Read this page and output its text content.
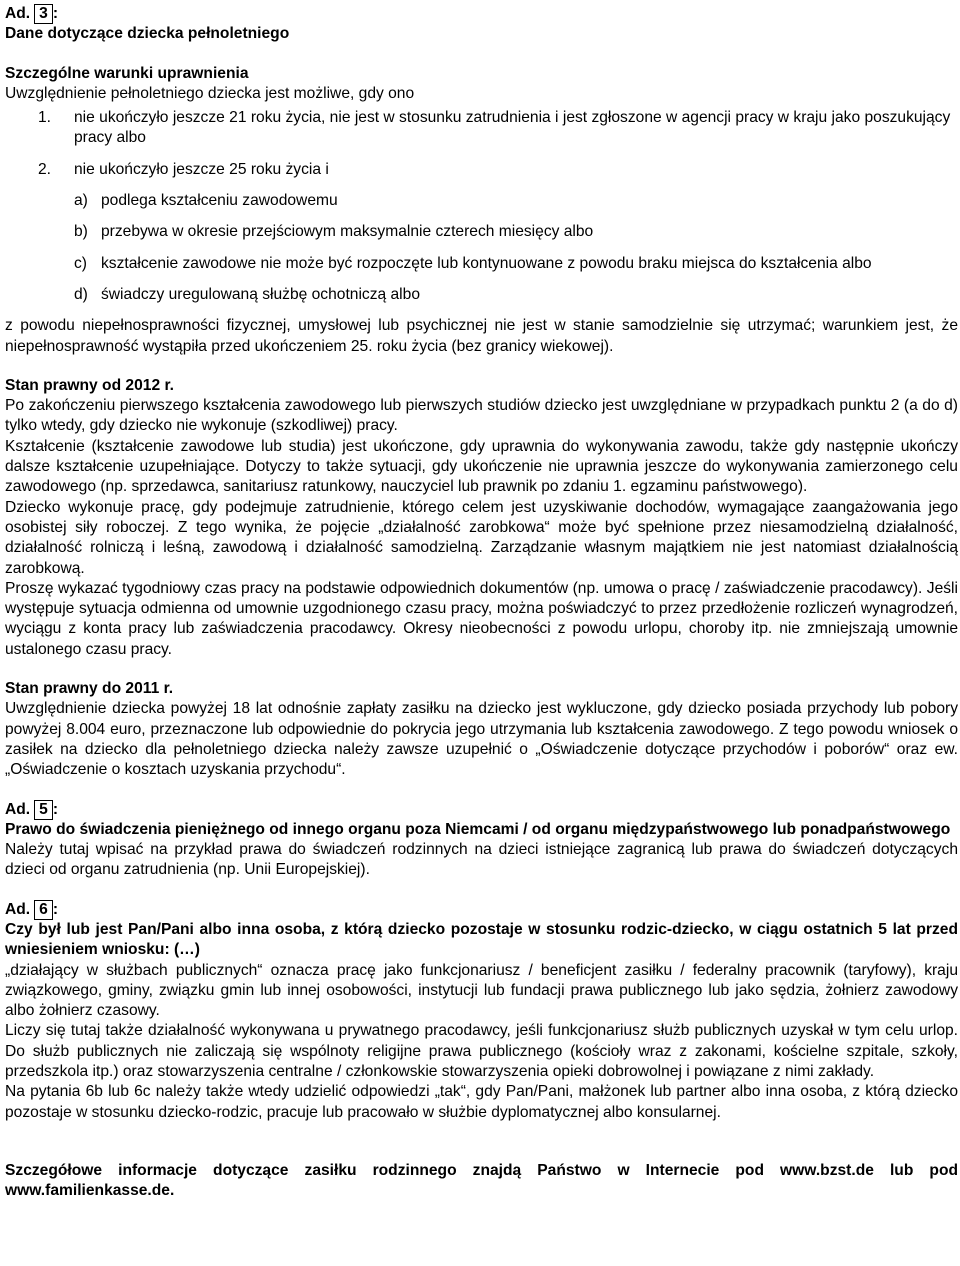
Ad. 3 :

Dane dotyczące dziecka pełnoletniego

Szczególne warunki uprawnienia

Uwzględnienie pełnoletniego dziecka jest możliwe, gdy ono

1.	nie ukończyło jeszcze 21 roku życia, nie jest w stosunku zatrudnienia i jest zgłoszone w agencji pracy w kraju jako poszukujący pracy albo

2.	nie ukończyło jeszcze 25 roku życia i

a) podlega kształceniu zawodowemu
b) przebywa w okresie przejściowym maksymalnie czterech miesięcy albo
c) kształcenie zawodowe nie może być rozpoczęte lub kontynuowane z powodu braku miejsca do kształcenia albo
d) świadczy uregulowaną służbę ochotniczą albo

z powodu niepełnosprawności fizycznej, umysłowej lub psychicznej nie jest w stanie samodzielnie się utrzymać; warunkiem jest, że niepełnosprawność wystąpiła przed ukończeniem 25. roku życia (bez granicy wiekowej).

Stan prawny od 2012 r.

Po zakończeniu pierwszego kształcenia zawodowego lub pierwszych studiów dziecko jest uwzględniane w przypadkach punktu 2 (a do d) tylko wtedy, gdy dziecko nie wykonuje (szkodliwej) pracy.

Kształcenie (kształcenie zawodowe lub studia) jest ukończone, gdy uprawnia do wykonywania zawodu, także gdy następnie ukończy dalsze kształcenie uzupełniające. Dotyczy to także sytuacji, gdy ukończenie nie uprawnia jeszcze do wykonywania zamierzonego celu zawodowego (np. sprzedawca, sanitariusz ratunkowy, nauczyciel lub prawnik po zdaniu 1. egzaminu państwowego).

Dziecko wykonuje pracę, gdy podejmuje zatrudnienie, którego celem jest uzyskiwanie dochodów, wymagające zaangażowania jego osobistej siły roboczej. Z tego wynika, że pojęcie „działalność zarobkowa“ może być spełnione przez niesamodzielną działalność, działalność rolniczą i leśną, zawodową i działalność samodzielną. Zarządzanie własnym majątkiem nie jest natomiast działalnością zarobkową.

Proszę wykazać tygodniowy czas pracy na podstawie odpowiednich dokumentów (np. umowa o pracę / zaświadczenie pracodawcy). Jeśli występuje sytuacja odmienna od umownie uzgodnionego czasu pracy, można poświadczyć to przez przedłożenie rozliczeń wynagrodzeń, wyciągu z konta pracy lub zaświadczenia pracodawcy. Okresy nieobecności z powodu urlopu, choroby itp. nie zmniejszają umownie ustalonego czasu pracy.

Stan prawny do 2011 r.

Uwzględnienie dziecka powyżej 18 lat odnośnie zapłaty zasiłku na dziecko jest wykluczone, gdy dziecko posiada przychody lub pobory powyżej 8.004 euro, przeznaczone lub odpowiednie do pokrycia jego utrzymania lub kształcenia zawodowego. Z tego powodu wniosek o zasiłek na dziecko dla pełnoletniego dziecka należy zawsze uzupełnić o „Oświadczenie dotyczące przychodów i poborów“ oraz ew. „Oświadczenie o kosztach uzyskania przychodu“.

Ad. 5 :

Prawo do świadczenia pieniężnego od innego organu poza Niemcami / od organu międzypaństwowego lub ponadpaństwowego

Należy tutaj wpisać na przykład prawa do świadczeń rodzinnych na dzieci istniejące zagranicą lub prawa do świadczeń dotyczących dzieci od organu zatrudnienia (np. Unii Europejskiej).

Ad. 6 :

Czy był lub jest Pan/Pani albo inna osoba, z którą dziecko pozostaje w stosunku rodzic-dziecko, w ciągu ostatnich 5 lat przed wniesieniem wniosku: (…)

„działający w służbach publicznych“ oznacza pracę jako funkcjonariusz / beneficjent zasiłku / federalny pracownik (taryfowy), kraju związkowego, gminy, związku gmin lub innej osobowości, instytucji lub fundacji prawa publicznego lub jako sędzia, żołnierz zawodowy albo żołnierz czasowy.

Liczy się tutaj także działalność wykonywana u prywatnego pracodawcy, jeśli funkcjonariusz służb publicznych uzyskał w tym celu urlop. Do służb publicznych nie zaliczają się wspólnoty religijne prawa publicznego (kościoły wraz z zakonami, kościelne szpitale, szkoły, przedszkola itp.) oraz stowarzyszenia centralne / członkowskie stowarzyszenia opieki dobrowolnej i powiązane z nimi zakłady.

Na pytania 6b lub 6c należy także wtedy udzielić odpowiedzi „tak“, gdy Pan/Pani, małżonek lub partner albo inna osoba, z którą dziecko pozostaje w stosunku dziecko-rodzic, pracuje lub pracowało w służbie dyplomatycznej albo konsularnej.

Szczegółowe informacje dotyczące zasiłku rodzinnego znajdą Państwo w Internecie pod www.bzst.de lub pod www.familienkasse.de.
